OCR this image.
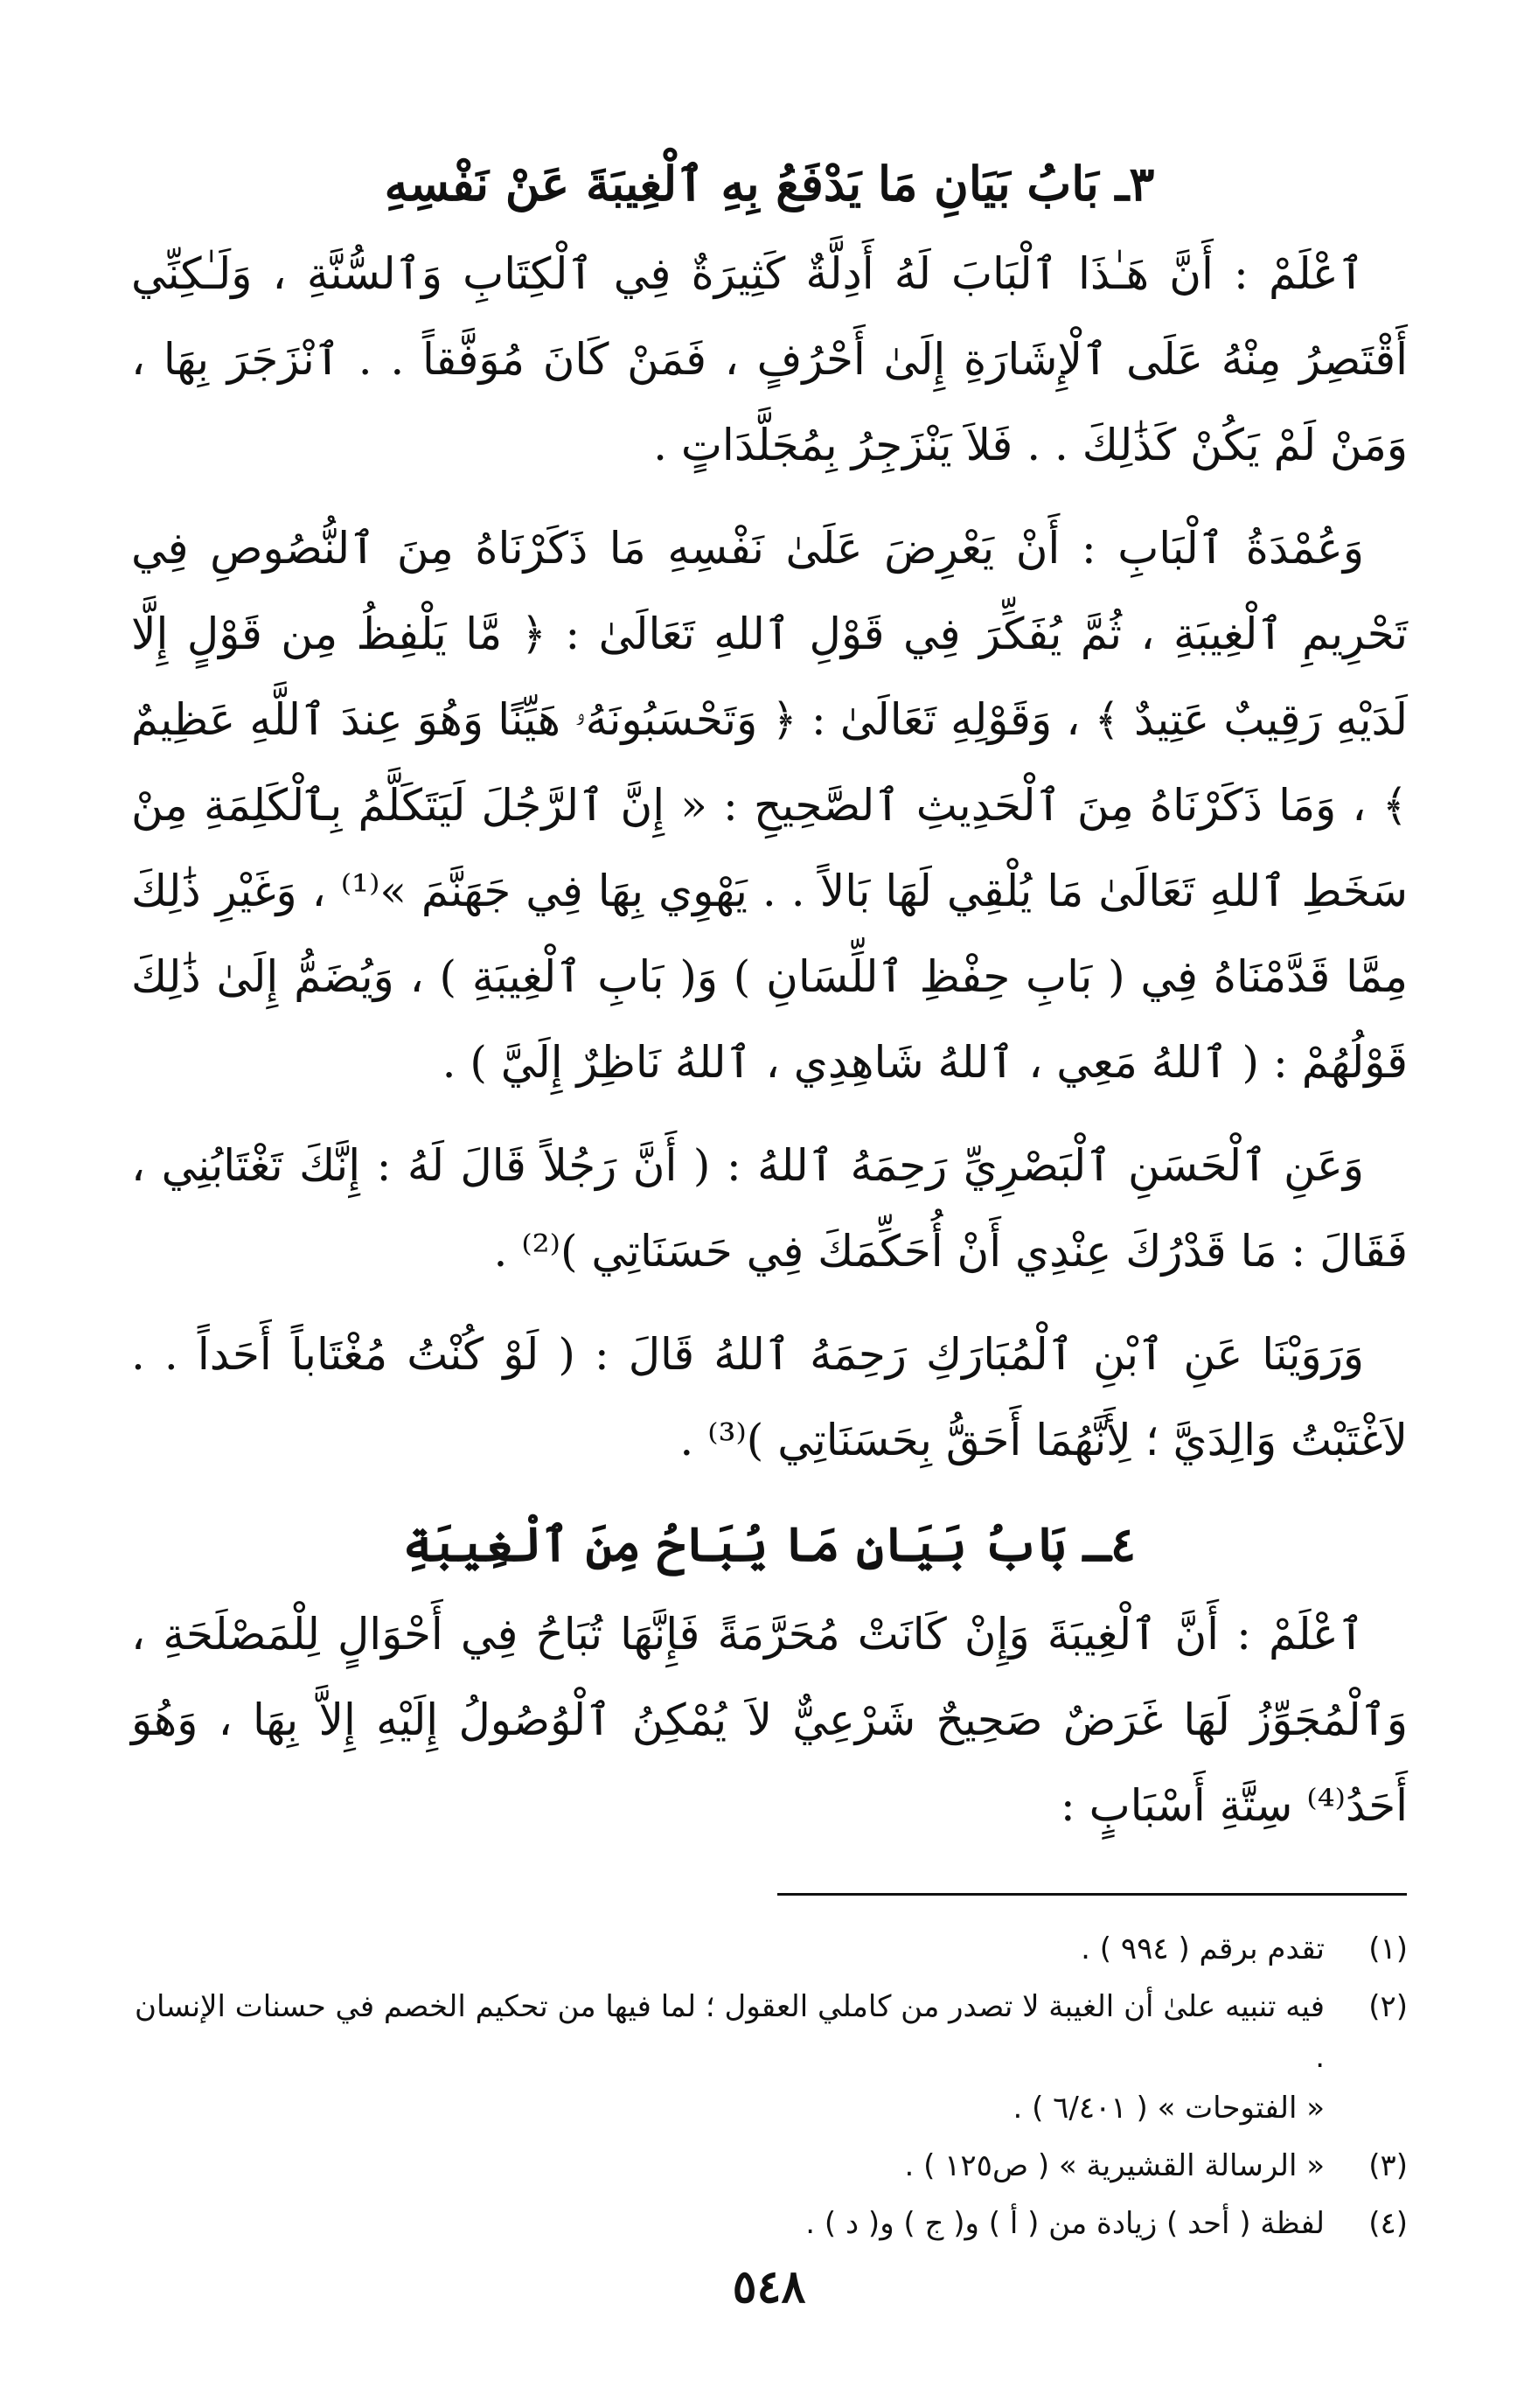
٣ـ بَابُ بَيَانِ مَا يَدْفَعُ بِهِ ٱلْغِيبَةَ عَنْ نَفْسِهِ

ٱعْلَمْ : أَنَّ هَـٰذَا ٱلْبَابَ لَهُ أَدِلَّةٌ كَثِيرَةٌ فِي ٱلْكِتَابِ وَٱلسُّنَّةِ ، وَلَـٰكِنِّي أَقْتَصِرُ مِنْهُ عَلَى ٱلْإِشَارَةِ إِلَىٰ أَحْرُفٍ ، فَمَنْ كَانَ مُوَفَّقاً . . ٱنْزَجَرَ بِهَا ، وَمَنْ لَمْ يَكُنْ كَذَٰلِكَ . . فَلاَ يَنْزَجِرُ بِمُجَلَّدَاتٍ .

وَعُمْدَةُ ٱلْبَابِ : أَنْ يَعْرِضَ عَلَىٰ نَفْسِهِ مَا ذَكَرْنَاهُ مِنَ ٱلنُّصُوصِ فِي تَحْرِيمِ ٱلْغِيبَةِ ، ثُمَّ يُفَكِّرَ فِي قَوْلِ ٱللهِ تَعَالَىٰ : ﴿ مَّا يَلْفِظُ مِن قَوْلٍ إِلَّا لَدَيْهِ رَقِيبٌ عَتِيدٌ ﴾ ، وَقَوْلِهِ تَعَالَىٰ : ﴿ وَتَحْسَبُونَهُۥ هَيِّنًا وَهُوَ عِندَ ٱللَّهِ عَظِيمٌ ﴾ ، وَمَا ذَكَرْنَاهُ مِنَ ٱلْحَدِيثِ ٱلصَّحِيحِ : « إِنَّ ٱلرَّجُلَ لَيَتَكَلَّمُ بِٱلْكَلِمَةِ مِنْ سَخَطِ ٱللهِ تَعَالَىٰ مَا يُلْقِي لَهَا بَالاً . . يَهْوِي بِهَا فِي جَهَنَّمَ »⁽¹⁾ ، وَغَيْرِ ذَٰلِكَ مِمَّا قَدَّمْنَاهُ فِي ( بَابِ حِفْظِ ٱللِّسَانِ ) وَ( بَابِ ٱلْغِيبَةِ ) ، وَيُضَمُّ إِلَىٰ ذَٰلِكَ قَوْلُهُمْ : ( ٱللهُ مَعِي ، ٱللهُ شَاهِدِي ، ٱللهُ نَاظِرٌ إِلَيَّ ) .

وَعَنِ ٱلْحَسَنِ ٱلْبَصْرِيِّ رَحِمَهُ ٱللهُ : ( أَنَّ رَجُلاً قَالَ لَهُ : إِنَّكَ تَغْتَابُنِي ، فَقَالَ : مَا قَدْرُكَ عِنْدِي أَنْ أُحَكِّمَكَ فِي حَسَنَاتِي )⁽²⁾ .

وَرَوَيْنَا عَنِ ٱبْنِ ٱلْمُبَارَكِ رَحِمَهُ ٱللهُ قَالَ : ( لَوْ كُنْتُ مُغْتَاباً أَحَداً . . لاَغْتَبْتُ وَالِدَيَّ ؛ لِأَنَّهُمَا أَحَقُّ بِحَسَنَاتِي )⁽³⁾ .

٤ـ بَابُ بَيَانِ مَا يُبَاحُ مِنَ ٱلْغِيبَةِ

ٱعْلَمْ : أَنَّ ٱلْغِيبَةَ وَإِنْ كَانَتْ مُحَرَّمَةً فَإِنَّهَا تُبَاحُ فِي أَحْوَالٍ لِلْمَصْلَحَةِ ، وَٱلْمُجَوِّزُ لَهَا غَرَضٌ صَحِيحٌ شَرْعِيٌّ لاَ يُمْكِنُ ٱلْوُصُولُ إِلَيْهِ إِلاَّ بِهَا ، وَهُوَ أَحَدُ⁽⁴⁾ سِتَّةِ أَسْبَابٍ :

(١)
تقدم برقم ( ٩٩٤ ) .
(٢)
فيه تنبيه علىٰ أن الغيبة لا تصدر من كاملي العقول ؛ لما فيها من تحكيم الخصم في حسنات الإنسان .
« الفتوحات » ( ٦/٤٠١ ) .
(٣)
« الرسالة القشيرية » ( ص١٢٥ ) .
(٤)
لفظة ( أحد ) زيادة من ( أ ) و( ج ) و( د ) .
٥٤٨
